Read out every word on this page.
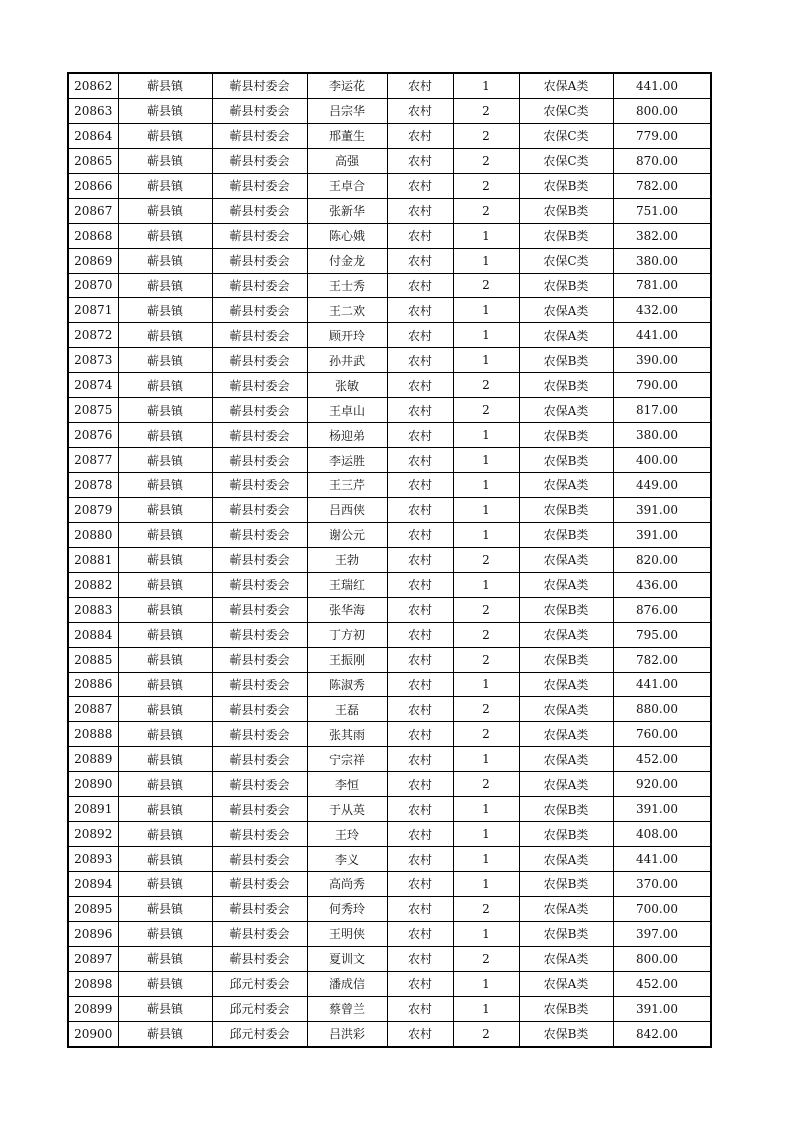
20862	蕲县镇	蕲县村委会	李运花	农村	1	农保A类	441.00
20863	蕲县镇	蕲县村委会	吕宗华	农村	2	农保C类	800.00
20864	蕲县镇	蕲县村委会	邢董生	农村	2	农保C类	779.00
20865	蕲县镇	蕲县村委会	高强	农村	2	农保C类	870.00
20866	蕲县镇	蕲县村委会	王卓合	农村	2	农保B类	782.00
20867	蕲县镇	蕲县村委会	张新华	农村	2	农保B类	751.00
20868	蕲县镇	蕲县村委会	陈心娥	农村	1	农保B类	382.00
20869	蕲县镇	蕲县村委会	付金龙	农村	1	农保C类	380.00
20870	蕲县镇	蕲县村委会	王士秀	农村	2	农保B类	781.00
20871	蕲县镇	蕲县村委会	王二欢	农村	1	农保A类	432.00
20872	蕲县镇	蕲县村委会	顾开玲	农村	1	农保A类	441.00
20873	蕲县镇	蕲县村委会	孙井武	农村	1	农保B类	390.00
20874	蕲县镇	蕲县村委会	张敏	农村	2	农保B类	790.00
20875	蕲县镇	蕲县村委会	王卓山	农村	2	农保A类	817.00
20876	蕲县镇	蕲县村委会	杨迎弟	农村	1	农保B类	380.00
20877	蕲县镇	蕲县村委会	李运胜	农村	1	农保B类	400.00
20878	蕲县镇	蕲县村委会	王三芹	农村	1	农保A类	449.00
20879	蕲县镇	蕲县村委会	吕西侠	农村	1	农保B类	391.00
20880	蕲县镇	蕲县村委会	谢公元	农村	1	农保B类	391.00
20881	蕲县镇	蕲县村委会	王勃	农村	2	农保A类	820.00
20882	蕲县镇	蕲县村委会	王瑞红	农村	1	农保A类	436.00
20883	蕲县镇	蕲县村委会	张华海	农村	2	农保B类	876.00
20884	蕲县镇	蕲县村委会	丁方初	农村	2	农保A类	795.00
20885	蕲县镇	蕲县村委会	王振刚	农村	2	农保B类	782.00
20886	蕲县镇	蕲县村委会	陈淑秀	农村	1	农保A类	441.00
20887	蕲县镇	蕲县村委会	王磊	农村	2	农保A类	880.00
20888	蕲县镇	蕲县村委会	张其雨	农村	2	农保A类	760.00
20889	蕲县镇	蕲县村委会	宁宗祥	农村	1	农保A类	452.00
20890	蕲县镇	蕲县村委会	李恒	农村	2	农保A类	920.00
20891	蕲县镇	蕲县村委会	于从英	农村	1	农保B类	391.00
20892	蕲县镇	蕲县村委会	王玲	农村	1	农保B类	408.00
20893	蕲县镇	蕲县村委会	李义	农村	1	农保A类	441.00
20894	蕲县镇	蕲县村委会	高尚秀	农村	1	农保B类	370.00
20895	蕲县镇	蕲县村委会	何秀玲	农村	2	农保A类	700.00
20896	蕲县镇	蕲县村委会	王明侠	农村	1	农保B类	397.00
20897	蕲县镇	蕲县村委会	夏训文	农村	2	农保A类	800.00
20898	蕲县镇	邱元村委会	潘成信	农村	1	农保A类	452.00
20899	蕲县镇	邱元村委会	蔡曾兰	农村	1	农保B类	391.00
20900	蕲县镇	邱元村委会	吕洪彩	农村	2	农保B类	842.00
